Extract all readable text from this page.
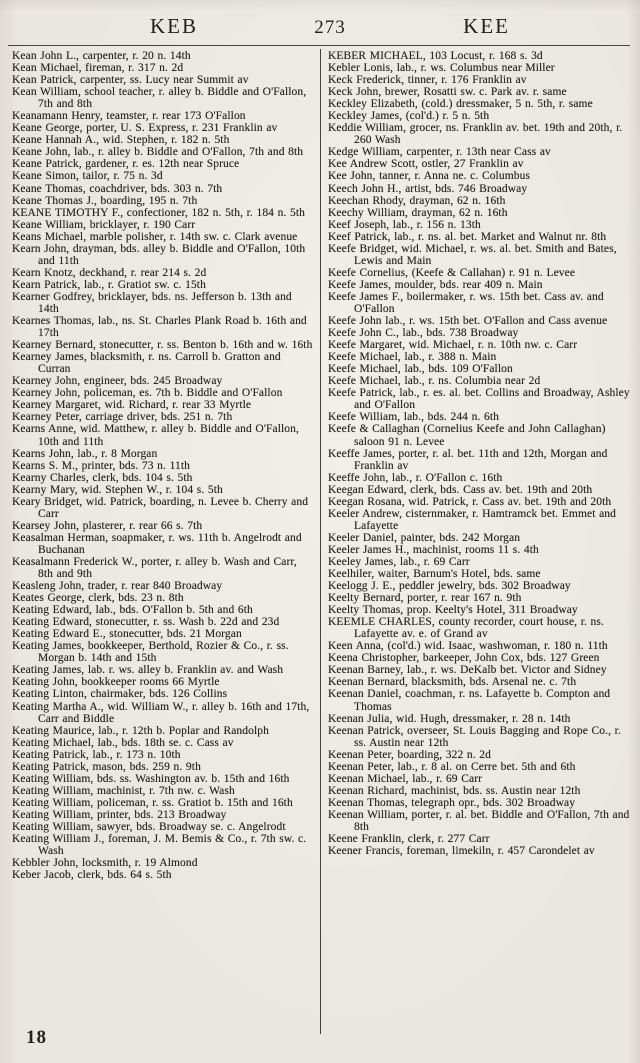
KEB	273	KEE

Kean John L., carpenter, r. 20 n. 14th

Kean Michael, fireman, r. 317 n. 2d

Kean Patrick, carpenter, ss. Lucy near Summit av

Kean William, school teacher, r. alley b. Biddle and O'Fallon, 7th and 8th

Keanamann Henry, teamster, r. rear 173 O'Fallon

Keane George, porter, U. S. Express, r. 231 Franklin av

Keane Hannah A., wid. Stephen, r. 182 n. 5th

Keane John, lab., r. alley b. Biddle and O'Fallon, 7th and 8th

Keane Patrick, gardener, r. es. 12th near Spruce

Keane Simon, tailor, r. 75 n. 3d

Keane Thomas, coachdriver, bds. 303 n. 7th

Keane Thomas J., boarding, 195 n. 7th

KEANE TIMOTHY F., confectioner, 182 n. 5th, r. 184 n. 5th

Keane William, bricklayer, r. 190 Carr

Keans Michael, marble polisher, r. 14th sw. c. Clark avenue

Kearn John, drayman, bds. alley b. Biddle and O'Fallon, 10th and 11th

Kearn Knotz, deckhand, r. rear 214 s. 2d

Kearn Patrick, lab., r. Gratiot sw. c. 15th

Kearner Godfrey, bricklayer, bds. ns. Jefferson b. 13th and 14th

Kearnes Thomas, lab., ns. St. Charles Plank Road b. 16th and 17th

Kearney Bernard, stonecutter, r. ss. Benton b. 16th and w. 16th

Kearney James, blacksmith, r. ns. Carroll b. Gratton and Curran

Kearney John, engineer, bds. 245 Broadway

Kearney John, policeman, es. 7th b. Biddle and O'Fallon

Kearney Margaret, wid. Richard, r. rear 33 Myrtle

Kearney Peter, carriage driver, bds. 251 n. 7th

Kearns Anne, wid. Matthew, r. alley b. Biddle and O'Fallon, 10th and 11th

Kearns John, lab., r. 8 Morgan

Kearns S. M., printer, bds. 73 n. 11th

Kearny Charles, clerk, bds. 104 s. 5th

Kearny Mary, wid. Stephen W., r. 104 s. 5th

Keary Bridget, wid. Patrick, boarding, n. Levee b. Cherry and Carr

Kearsey John, plasterer, r. rear 66 s. 7th

Keasalman Herman, soapmaker, r. ws. 11th b. Angelrodt and Buchanan

Keasalmann Frederick W., porter, r. alley b. Wash and Carr, 8th and 9th

Keasleng John, trader, r. rear 840 Broadway

Keates George, clerk, bds. 23 n. 8th

Keating Edward, lab., bds. O'Fallon b. 5th and 6th

Keating Edward, stonecutter, r. ss. Wash b. 22d and 23d

Keating Edward E., stonecutter, bds. 21 Morgan

Keating James, bookkeeper, Berthold, Rozier & Co., r. ss. Morgan b. 14th and 15th

Keating James, lab. r. ws. alley b. Franklin av. and Wash

Keating John, bookkeeper rooms 66 Myrtle

Keating Linton, chairmaker, bds. 126 Collins

Keating Martha A., wid. William W., r. alley b. 16th and 17th, Carr and Biddle

Keating Maurice, lab., r. 12th b. Poplar and Randolph

Keating Michael, lab., bds. 18th se. c. Cass av

Keating Patrick, lab., r. 173 n. 10th

Keating Patrick, mason, bds. 259 n. 9th

Keating William, bds. ss. Washington av. b. 15th and 16th

Keating William, machinist, r. 7th nw. c. Wash

Keating William, policeman, r. ss. Gratiot b. 15th and 16th

Keating William, printer, bds. 213 Broadway

Keating William, sawyer, bds. Broadway se. c. Angelrodt

Keating William J., foreman, J. M. Bemis & Co., r. 7th sw. c. Wash

Kebbler John, locksmith, r. 19 Almond

Keber Jacob, clerk, bds. 64 s. 5th

KEBER MICHAEL, 103 Locust, r. 168 s. 3d

Kebler Lonis, lab., r. ws. Columbus near Miller

Keck Frederick, tinner, r. 176 Franklin av

Keck John, brewer, Rosatti sw. c. Park av. r. same

Keckley Elizabeth, (cold.) dressmaker, 5 n. 5th, r. same

Keckley James, (col'd.) r. 5 n. 5th

Keddie William, grocer, ns. Franklin av. bet. 19th and 20th, r. 260 Wash

Kedge William, carpenter, r. 13th near Cass av

Kee Andrew Scott, ostler, 27 Franklin av

Kee John, tanner, r. Anna ne. c. Columbus

Keech John H., artist, bds. 746 Broadway

Keechan Rhody, drayman, 62 n. 16th

Keechy William, drayman, 62 n. 16th

Keef Joseph, lab., r. 156 n. 13th

Keef Patrick, lab., r. ns. al. bet. Market and Walnut nr. 8th

Keefe Bridget, wid. Michael, r. ws. al. bet. Smith and Bates, Lewis and Main

Keefe Cornelius, (Keefe & Callahan) r. 91 n. Levee

Keefe James, moulder, bds. rear 409 n. Main

Keefe James F., boilermaker, r. ws. 15th bet. Cass av. and O'Fallon

Keefe John lab., r. ws. 15th bet. O'Fallon and Cass avenue

Keefe John C., lab., bds. 738 Broadway

Keefe Margaret, wid. Michael, r. n. 10th nw. c. Carr

Keefe Michael, lab., r. 388 n. Main

Keefe Michael, lab., bds. 109 O'Fallon

Keefe Michael, lab., r. ns. Columbia near 2d

Keefe Patrick, lab., r. es. al. bet. Collins and Broadway, Ashley and O'Fallon

Keefe William, lab., bds. 244 n. 6th

Keefe & Callaghan (Cornelius Keefe and John Callaghan) saloon 91 n. Levee

Keeffe James, porter, r. al. bet. 11th and 12th, Morgan and Franklin av

Keeffe John, lab., r. O'Fallon c. 16th

Keegan Edward, clerk, bds. Cass av. bet. 19th and 20th

Keegan Rosana, wid. Patrick, r. Cass av. bet. 19th and 20th

Keeler Andrew, cisternmaker, r. Hamtramck bet. Emmet and Lafayette

Keeler Daniel, painter, bds. 242 Morgan

Keeler James H., machinist, rooms 11 s. 4th

Keeley James, lab., r. 69 Carr

Keelhiler, waiter, Barnum's Hotel, bds. same

Keelogg J. E., peddler jewelry, bds. 302 Broadway

Keelty Bernard, porter, r. rear 167 n. 9th

Keelty Thomas, prop. Keelty's Hotel, 311 Broadway

KEEMLE CHARLES, county recorder, court house, r. ns. Lafayette av. e. of Grand av

Keen Anna, (col'd.) wid. Isaac, washwoman, r. 180 n. 11th

Keena Christopher, barkeeper, John Cox, bds. 127 Green

Keenan Barney, lab., r. ws. DeKalb bet. Victor and Sidney

Keenan Bernard, blacksmith, bds. Arsenal ne. c. 7th

Keenan Daniel, coachman, r. ns. Lafayette b. Compton and Thomas

Keenan Julia, wid. Hugh, dressmaker, r. 28 n. 14th

Keenan Patrick, overseer, St. Louis Bagging and Rope Co., r. ss. Austin near 12th

Keenan Peter, boarding, 322 n. 2d

Keenan Peter, lab., r. 8 al. on Cerre bet. 5th and 6th

Keenan Michael, lab., r. 69 Carr

Keenan Richard, machinist, bds. ss. Austin near 12th

Keenan Thomas, telegraph opr., bds. 302 Broadway

Keenan William, porter, r. al. bet. Biddle and O'Fallon, 7th and 8th

Keene Franklin, clerk, r. 277 Carr

Keener Francis, foreman, limekiln, r. 457 Carondelet av

18
